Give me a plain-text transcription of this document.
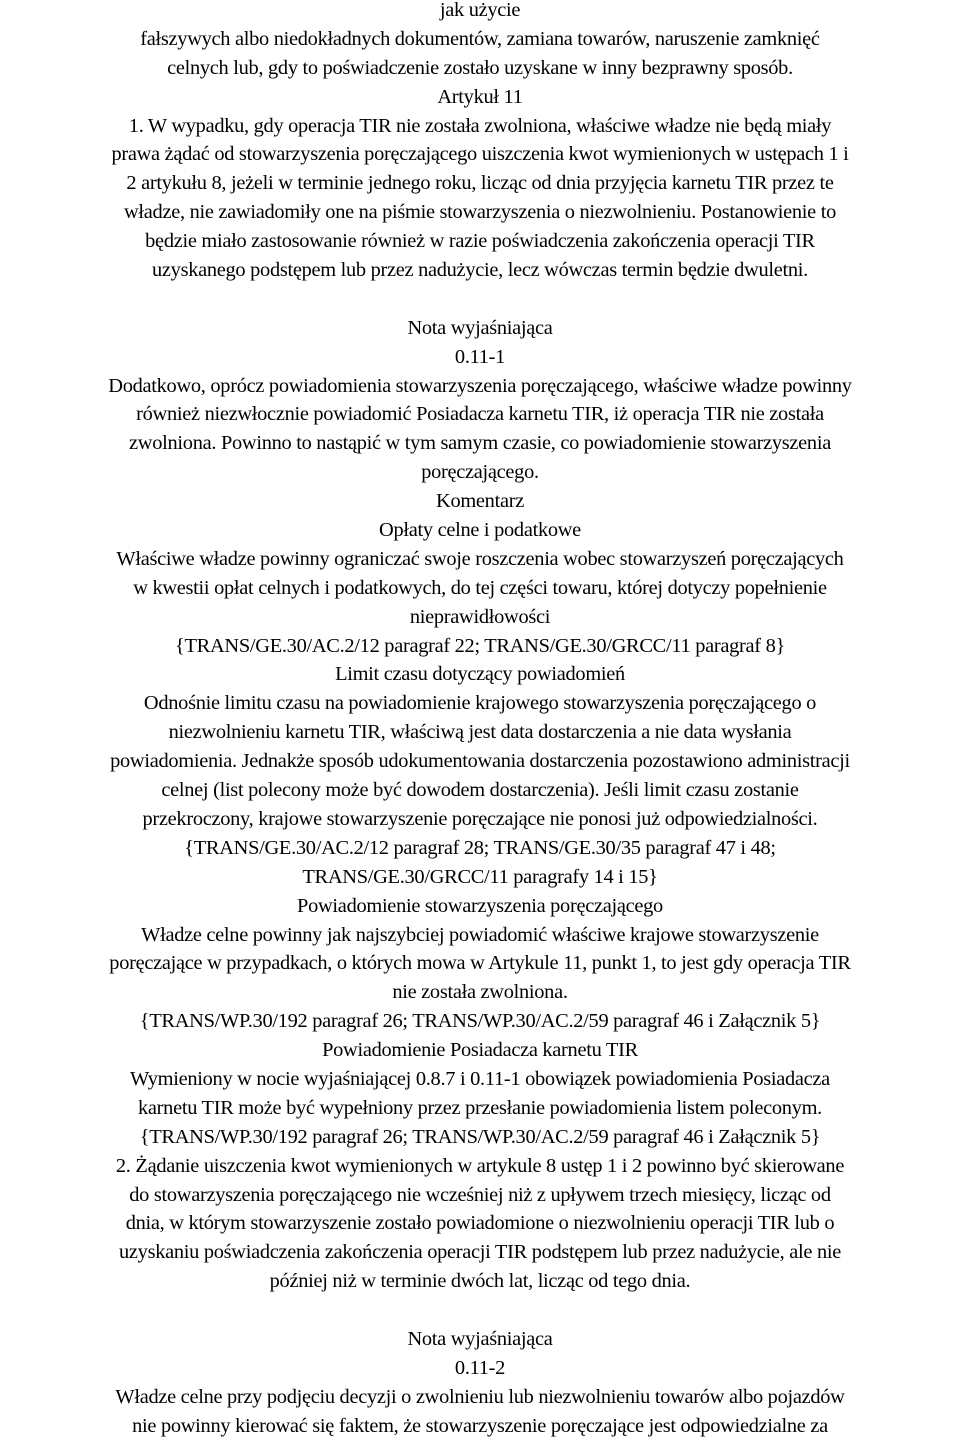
jak użycie
fałszywych albo niedokładnych dokumentów, zamiana towarów, naruszenie zamknięć
celnych lub, gdy to poświadczenie zostało uzyskane w inny bezprawny sposób.
Artykuł 11
1. W wypadku, gdy operacja TIR nie została zwolniona, właściwe władze nie będą miały
prawa żądać od stowarzyszenia poręczającego uiszczenia kwot wymienionych w ustępach 1 i
2 artykułu 8, jeżeli w terminie jednego roku, licząc od dnia przyjęcia karnetu TIR przez te
władze, nie zawiadomiły one na piśmie stowarzyszenia o niezwolnieniu. Postanowienie to
będzie miało zastosowanie również w razie poświadczenia zakończenia operacji TIR
uzyskanego podstępem lub przez nadużycie, lecz wówczas termin będzie dwuletni.
Nota wyjaśniająca
0.11-1
Dodatkowo, oprócz powiadomienia stowarzyszenia poręczającego, właściwe władze powinny
również niezwłocznie powiadomić Posiadacza karnetu TIR, iż operacja TIR nie została
zwolniona. Powinno to nastąpić w tym samym czasie, co powiadomienie stowarzyszenia
poręczającego.
Komentarz
Opłaty celne i podatkowe
Właściwe władze powinny ograniczać swoje roszczenia wobec stowarzyszeń poręczających
w kwestii opłat celnych i podatkowych, do tej części towaru, której dotyczy popełnienie
nieprawidłowości
{TRANS/GE.30/AC.2/12 paragraf 22; TRANS/GE.30/GRCC/11 paragraf 8}
Limit czasu dotyczący powiadomień
Odnośnie limitu czasu na powiadomienie krajowego stowarzyszenia poręczającego o
niezwolnieniu karnetu TIR, właściwą jest data dostarczenia a nie data wysłania
powiadomienia. Jednakże sposób udokumentowania dostarczenia pozostawiono administracji
celnej (list polecony może być dowodem dostarczenia). Jeśli limit czasu zostanie
przekroczony, krajowe stowarzyszenie poręczające nie ponosi już odpowiedzialności.
{TRANS/GE.30/AC.2/12 paragraf 28; TRANS/GE.30/35 paragraf 47 i 48;
TRANS/GE.30/GRCC/11 paragrafy 14 i 15}
Powiadomienie stowarzyszenia poręczającego
Władze celne powinny jak najszybciej powiadomić właściwe krajowe stowarzyszenie
poręczające w przypadkach, o których mowa w Artykule 11, punkt 1, to jest gdy operacja TIR
nie została zwolniona.
{TRANS/WP.30/192 paragraf 26; TRANS/WP.30/AC.2/59 paragraf 46 i Załącznik 5}
Powiadomienie Posiadacza karnetu TIR
Wymieniony w nocie wyjaśniającej 0.8.7 i 0.11-1 obowiązek powiadomienia Posiadacza
karnetu TIR może być wypełniony przez przesłanie powiadomienia listem poleconym.
{TRANS/WP.30/192 paragraf 26; TRANS/WP.30/AC.2/59 paragraf 46 i Załącznik 5}
2. Żądanie uiszczenia kwot wymienionych w artykule 8 ustęp 1 i 2 powinno być skierowane
do stowarzyszenia poręczającego nie wcześniej niż z upływem trzech miesięcy, licząc od
dnia, w którym stowarzyszenie zostało powiadomione o niezwolnieniu operacji TIR lub o
uzyskaniu poświadczenia zakończenia operacji TIR podstępem lub przez nadużycie, ale nie
później niż w terminie dwóch lat, licząc od tego dnia.
Nota wyjaśniająca
0.11-2
Władze celne przy podjęciu decyzji o zwolnieniu lub niezwolnieniu towarów albo pojazdów
nie powinny kierować się faktem, że stowarzyszenie poręczające jest odpowiedzialne za
